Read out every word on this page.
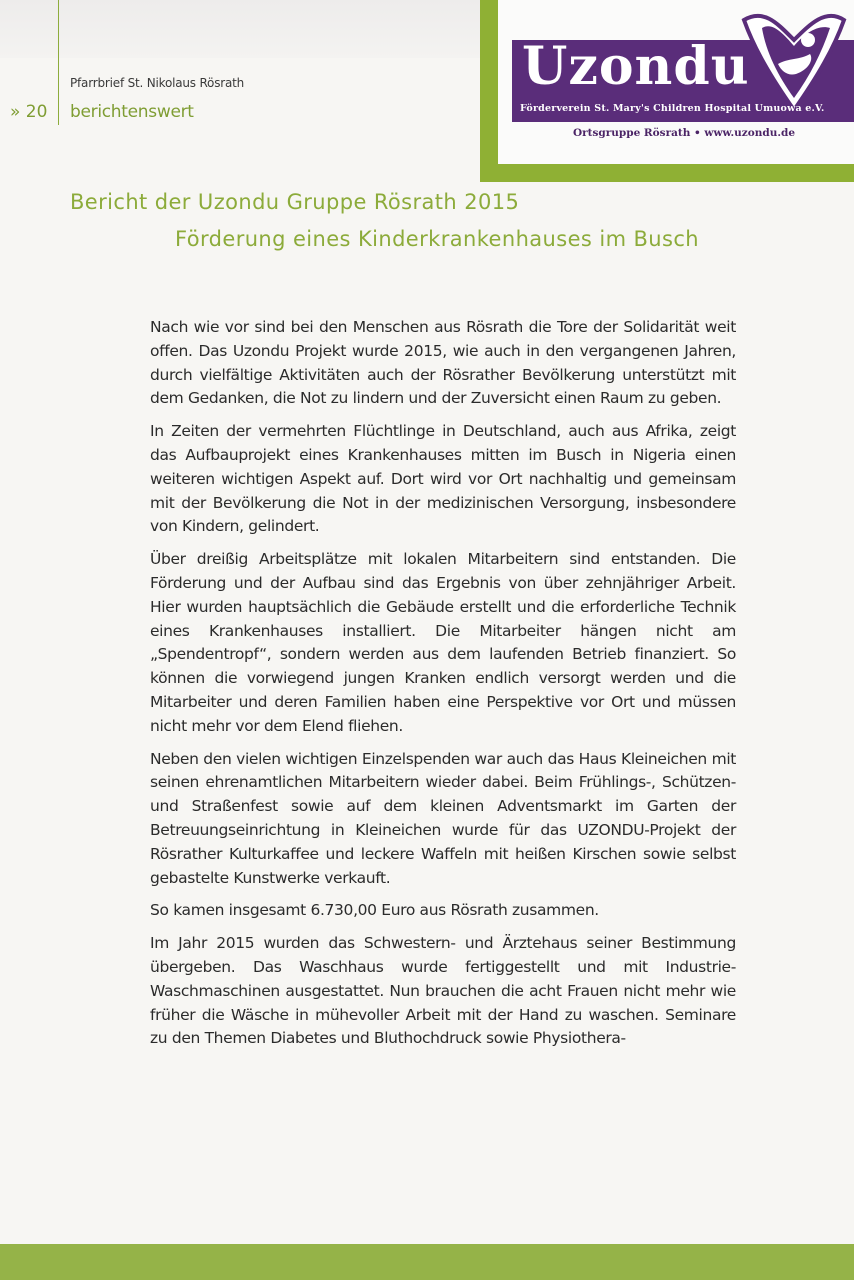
Pfarrbrief St. Nikolaus Rösrath
» 20 berichtenswert
Uzondu
Förderverein St. Mary's Children Hospital Umuowa e.V.
Ortsgruppe Rösrath • www.uzondu.de
Bericht der Uzondu Gruppe Rösrath 2015
Förderung eines Kinderkrankenhauses im Busch

Nach wie vor sind bei den Menschen aus Rösrath die Tore der Solidarität weit offen. Das Uzondu Projekt wurde 2015, wie auch in den vergangenen Jahren, durch vielfältige Aktivitäten auch der Rösrather Bevölkerung unterstützt mit dem Gedanken, die Not zu lindern und der Zuversicht einen Raum zu geben.

In Zeiten der vermehrten Flüchtlinge in Deutschland, auch aus Afrika, zeigt das Aufbauprojekt eines Krankenhauses mitten im Busch in Nigeria einen weiteren wichtigen Aspekt auf. Dort wird vor Ort nachhaltig und gemeinsam mit der Bevölkerung die Not in der medizinischen Versorgung, insbesondere von Kindern, gelindert.

Über dreißig Arbeitsplätze mit lokalen Mitarbeitern sind entstanden. Die Förderung und der Aufbau sind das Ergebnis von über zehnjähriger Arbeit. Hier wurden hauptsächlich die Gebäude erstellt und die erforderliche Technik eines Krankenhauses installiert. Die Mitarbeiter hängen nicht am „Spendentropf“, sondern werden aus dem laufenden Betrieb finanziert. So können die vorwiegend jungen Kranken endlich versorgt werden und die Mitarbeiter und deren Familien haben eine Perspektive vor Ort und müssen nicht mehr vor dem Elend fliehen.

Neben den vielen wichtigen Einzelspenden war auch das Haus Kleineichen mit seinen ehrenamtlichen Mitarbeitern wieder dabei. Beim Frühlings-, Schützen- und Straßenfest sowie auf dem kleinen Adventsmarkt im Garten der Betreuungseinrichtung in Kleineichen wurde für das UZONDU-Projekt der Rösrather Kulturkaffee und leckere Waffeln mit heißen Kirschen sowie selbst gebastelte Kunstwerke verkauft.

So kamen insgesamt 6.730,00 Euro aus Rösrath zusammen.

Im Jahr 2015 wurden das Schwestern- und Ärztehaus seiner Bestimmung übergeben. Das Waschhaus wurde fertiggestellt und mit Industrie-Waschmaschinen ausgestattet. Nun brauchen die acht Frauen nicht mehr wie früher die Wäsche in mühevoller Arbeit mit der Hand zu waschen. Seminare zu den Themen Diabetes und Bluthochdruck sowie Physiothera-
